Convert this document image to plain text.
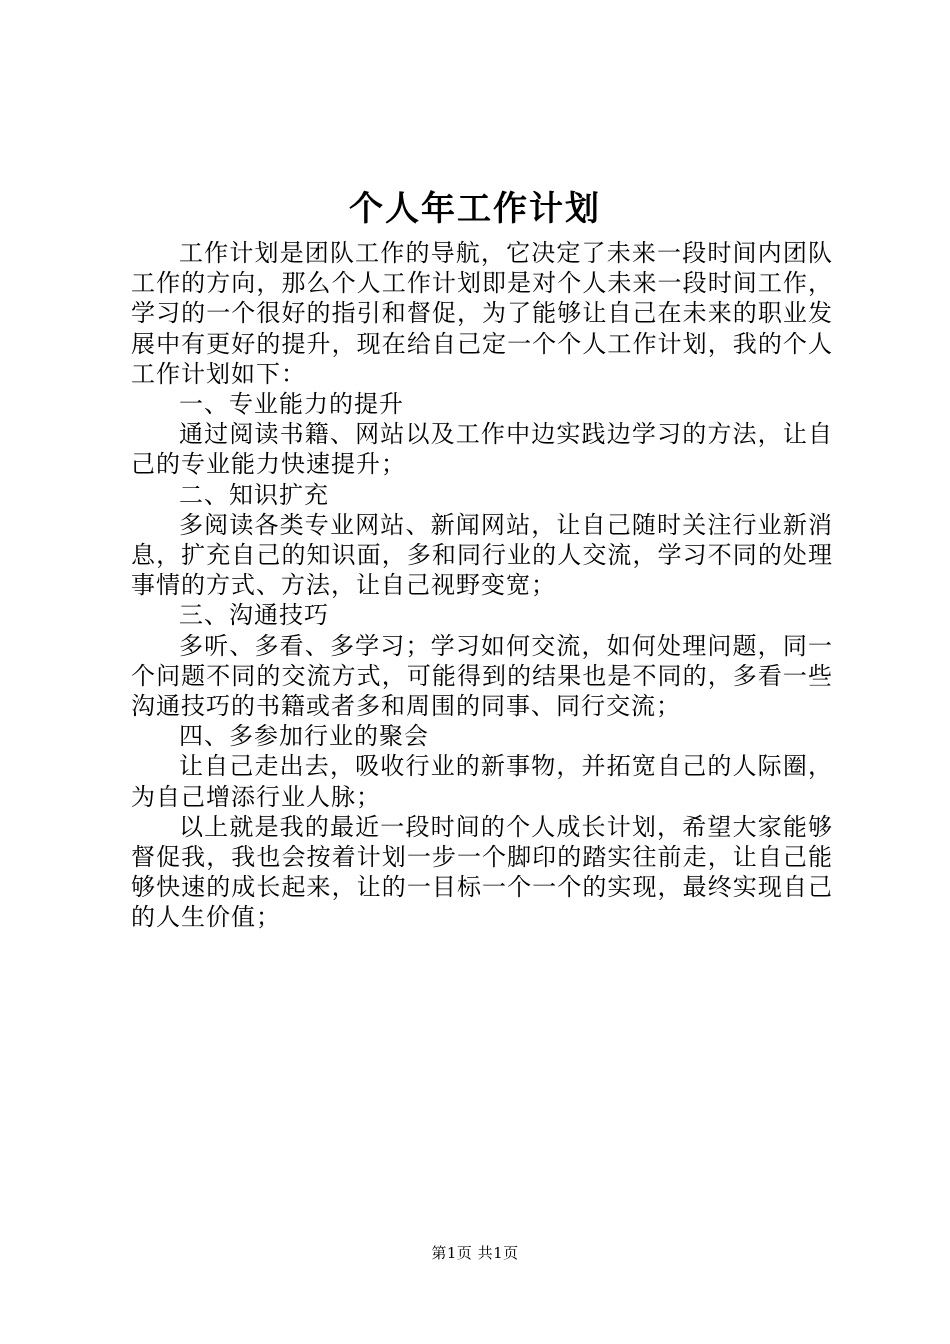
个人年工作计划

工作计划是团队工作的导航，它决定了未来一段时间内团队工作的方向，那么个人工作计划即是对个人未来一段时间工作，学习的一个很好的指引和督促，为了能够让自己在未来的职业发展中有更好的提升，现在给自己定一个个人工作计划，我的个人工作计划如下：

一、专业能力的提升

通过阅读书籍、网站以及工作中边实践边学习的方法，让自己的专业能力快速提升；

二、知识扩充

多阅读各类专业网站、新闻网站，让自己随时关注行业新消息，扩充自己的知识面，多和同行业的人交流，学习不同的处理事情的方式、方法，让自己视野变宽；

三、沟通技巧

多听、多看、多学习；学习如何交流，如何处理问题，同一个问题不同的交流方式，可能得到的结果也是不同的，多看一些沟通技巧的书籍或者多和周围的同事、同行交流；

四、多参加行业的聚会

让自己走出去，吸收行业的新事物，并拓宽自己的人际圈，为自己增添行业人脉；

以上就是我的最近一段时间的个人成长计划，希望大家能够督促我，我也会按着计划一步一个脚印的踏实往前走，让自己能够快速的成长起来，让的一目标一个一个的实现，最终实现自己的人生价值；

第1页 共1页
